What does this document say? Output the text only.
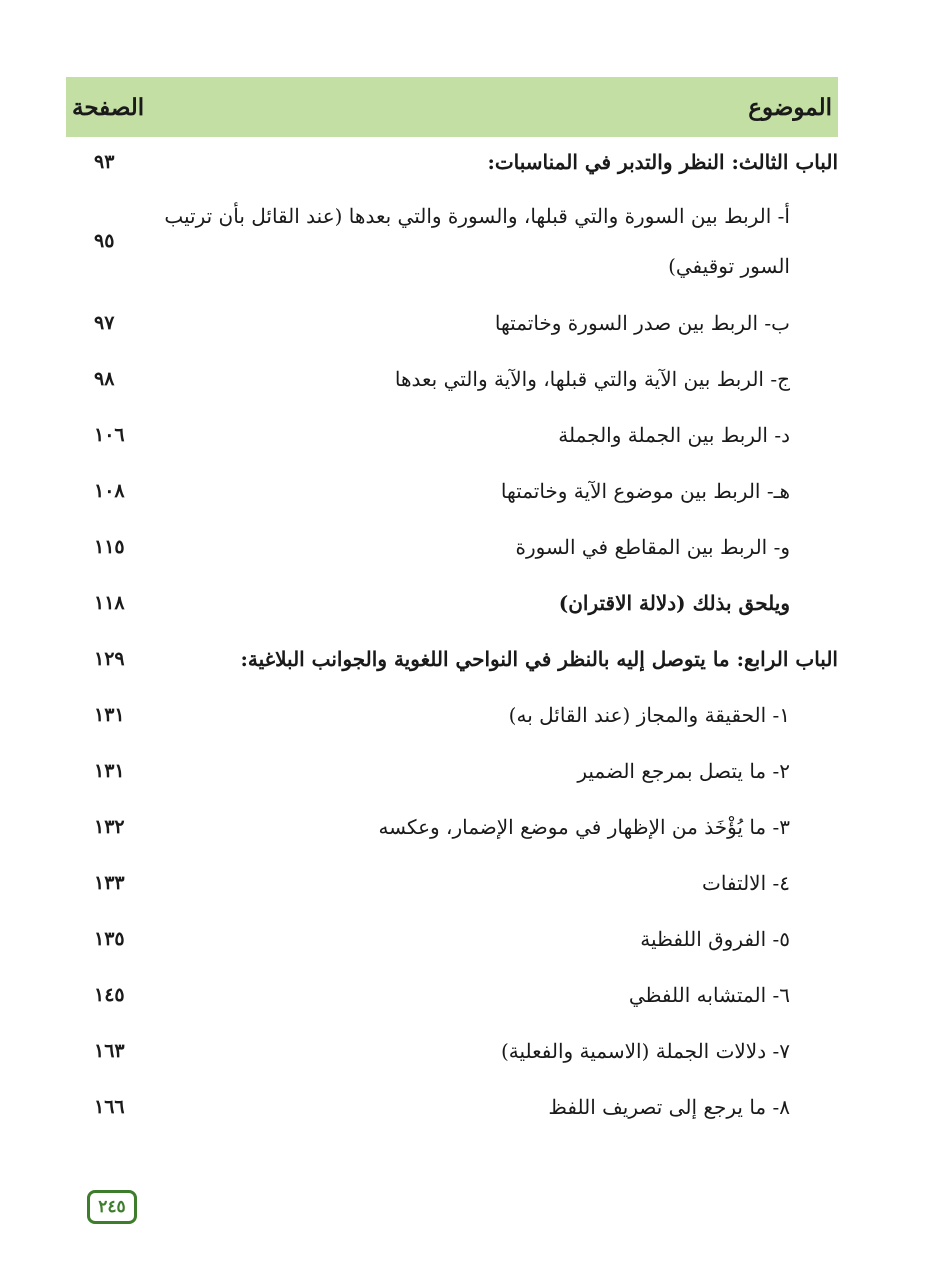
الموضوع
الصفحة
الباب الثالث: النظر والتدبر في المناسبات:
٩٣
أ- الربط بين السورة والتي قبلها، والسورة والتي بعدها (عند القائل بأن ترتيب السور توقيفي)
٩٥
ب- الربط بين صدر السورة وخاتمتها
٩٧
ج- الربط بين الآية والتي قبلها، والآية والتي بعدها
٩٨
د- الربط بين الجملة والجملة
١٠٦
هـ- الربط بين موضوع الآية وخاتمتها
١٠٨
و- الربط بين المقاطع في السورة
١١٥
ويلحق بذلك (دلالة الاقتران)
١١٨
الباب الرابع: ما يتوصل إليه بالنظر في النواحي اللغوية والجوانب البلاغية:
١٢٩
١- الحقيقة والمجاز (عند القائل به)
١٣١
٢- ما يتصل بمرجع الضمير
١٣١
٣- ما يُؤْخَذ من الإظهار في موضع الإضمار، وعكسه
١٣٢
٤- الالتفات
١٣٣
٥- الفروق اللفظية
١٣٥
٦- المتشابه اللفظي
١٤٥
٧- دلالات الجملة (الاسمية والفعلية)
١٦٣
٨- ما يرجع إلى تصريف اللفظ
١٦٦
٢٤٥
